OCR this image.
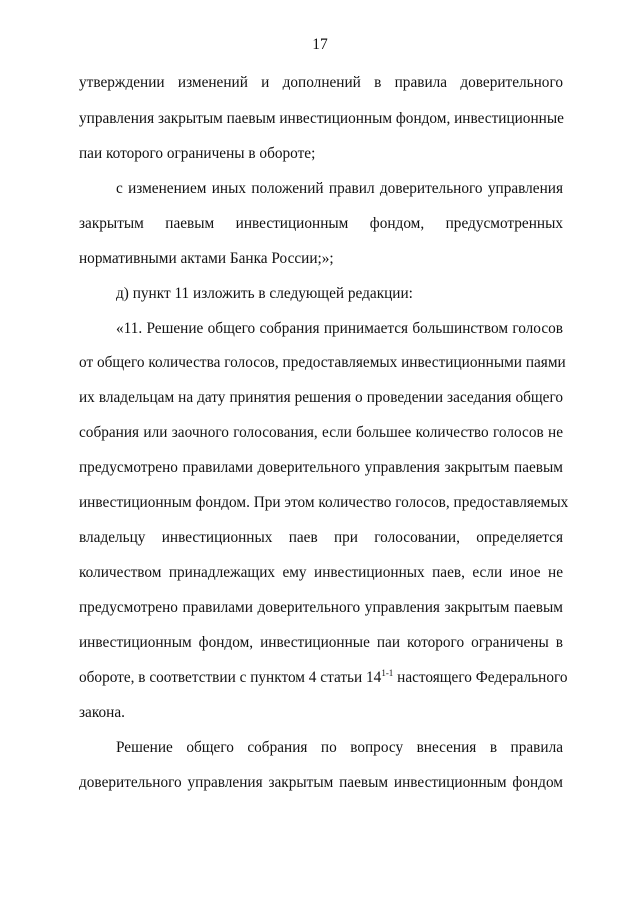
17
утверждении изменений и дополнений в правила доверительного
управления закрытым паевым инвестиционным фондом, инвестиционные
паи которого ограничены в обороте;
с изменением иных положений правил доверительного управления
закрытым паевым инвестиционным фондом, предусмотренных
нормативными актами Банка России;»;
д) пункт 11 изложить в следующей редакции:
«11. Решение общего собрания принимается большинством голосов
от общего количества голосов, предоставляемых инвестиционными паями
их владельцам на дату принятия решения о проведении заседания общего
собрания или заочного голосования, если большее количество голосов не
предусмотрено правилами доверительного управления закрытым паевым
инвестиционным фондом. При этом количество голосов, предоставляемых
владельцу инвестиционных паев при голосовании, определяется
количеством принадлежащих ему инвестиционных паев, если иное не
предусмотрено правилами доверительного управления закрытым паевым
инвестиционным фондом, инвестиционные паи которого ограничены в
обороте, в соответствии с пунктом 4 статьи 14$^{1-1}$ настоящего Федерального
закона.
Решение общего собрания по вопросу внесения в правила
доверительного управления закрытым паевым инвестиционным фондом
